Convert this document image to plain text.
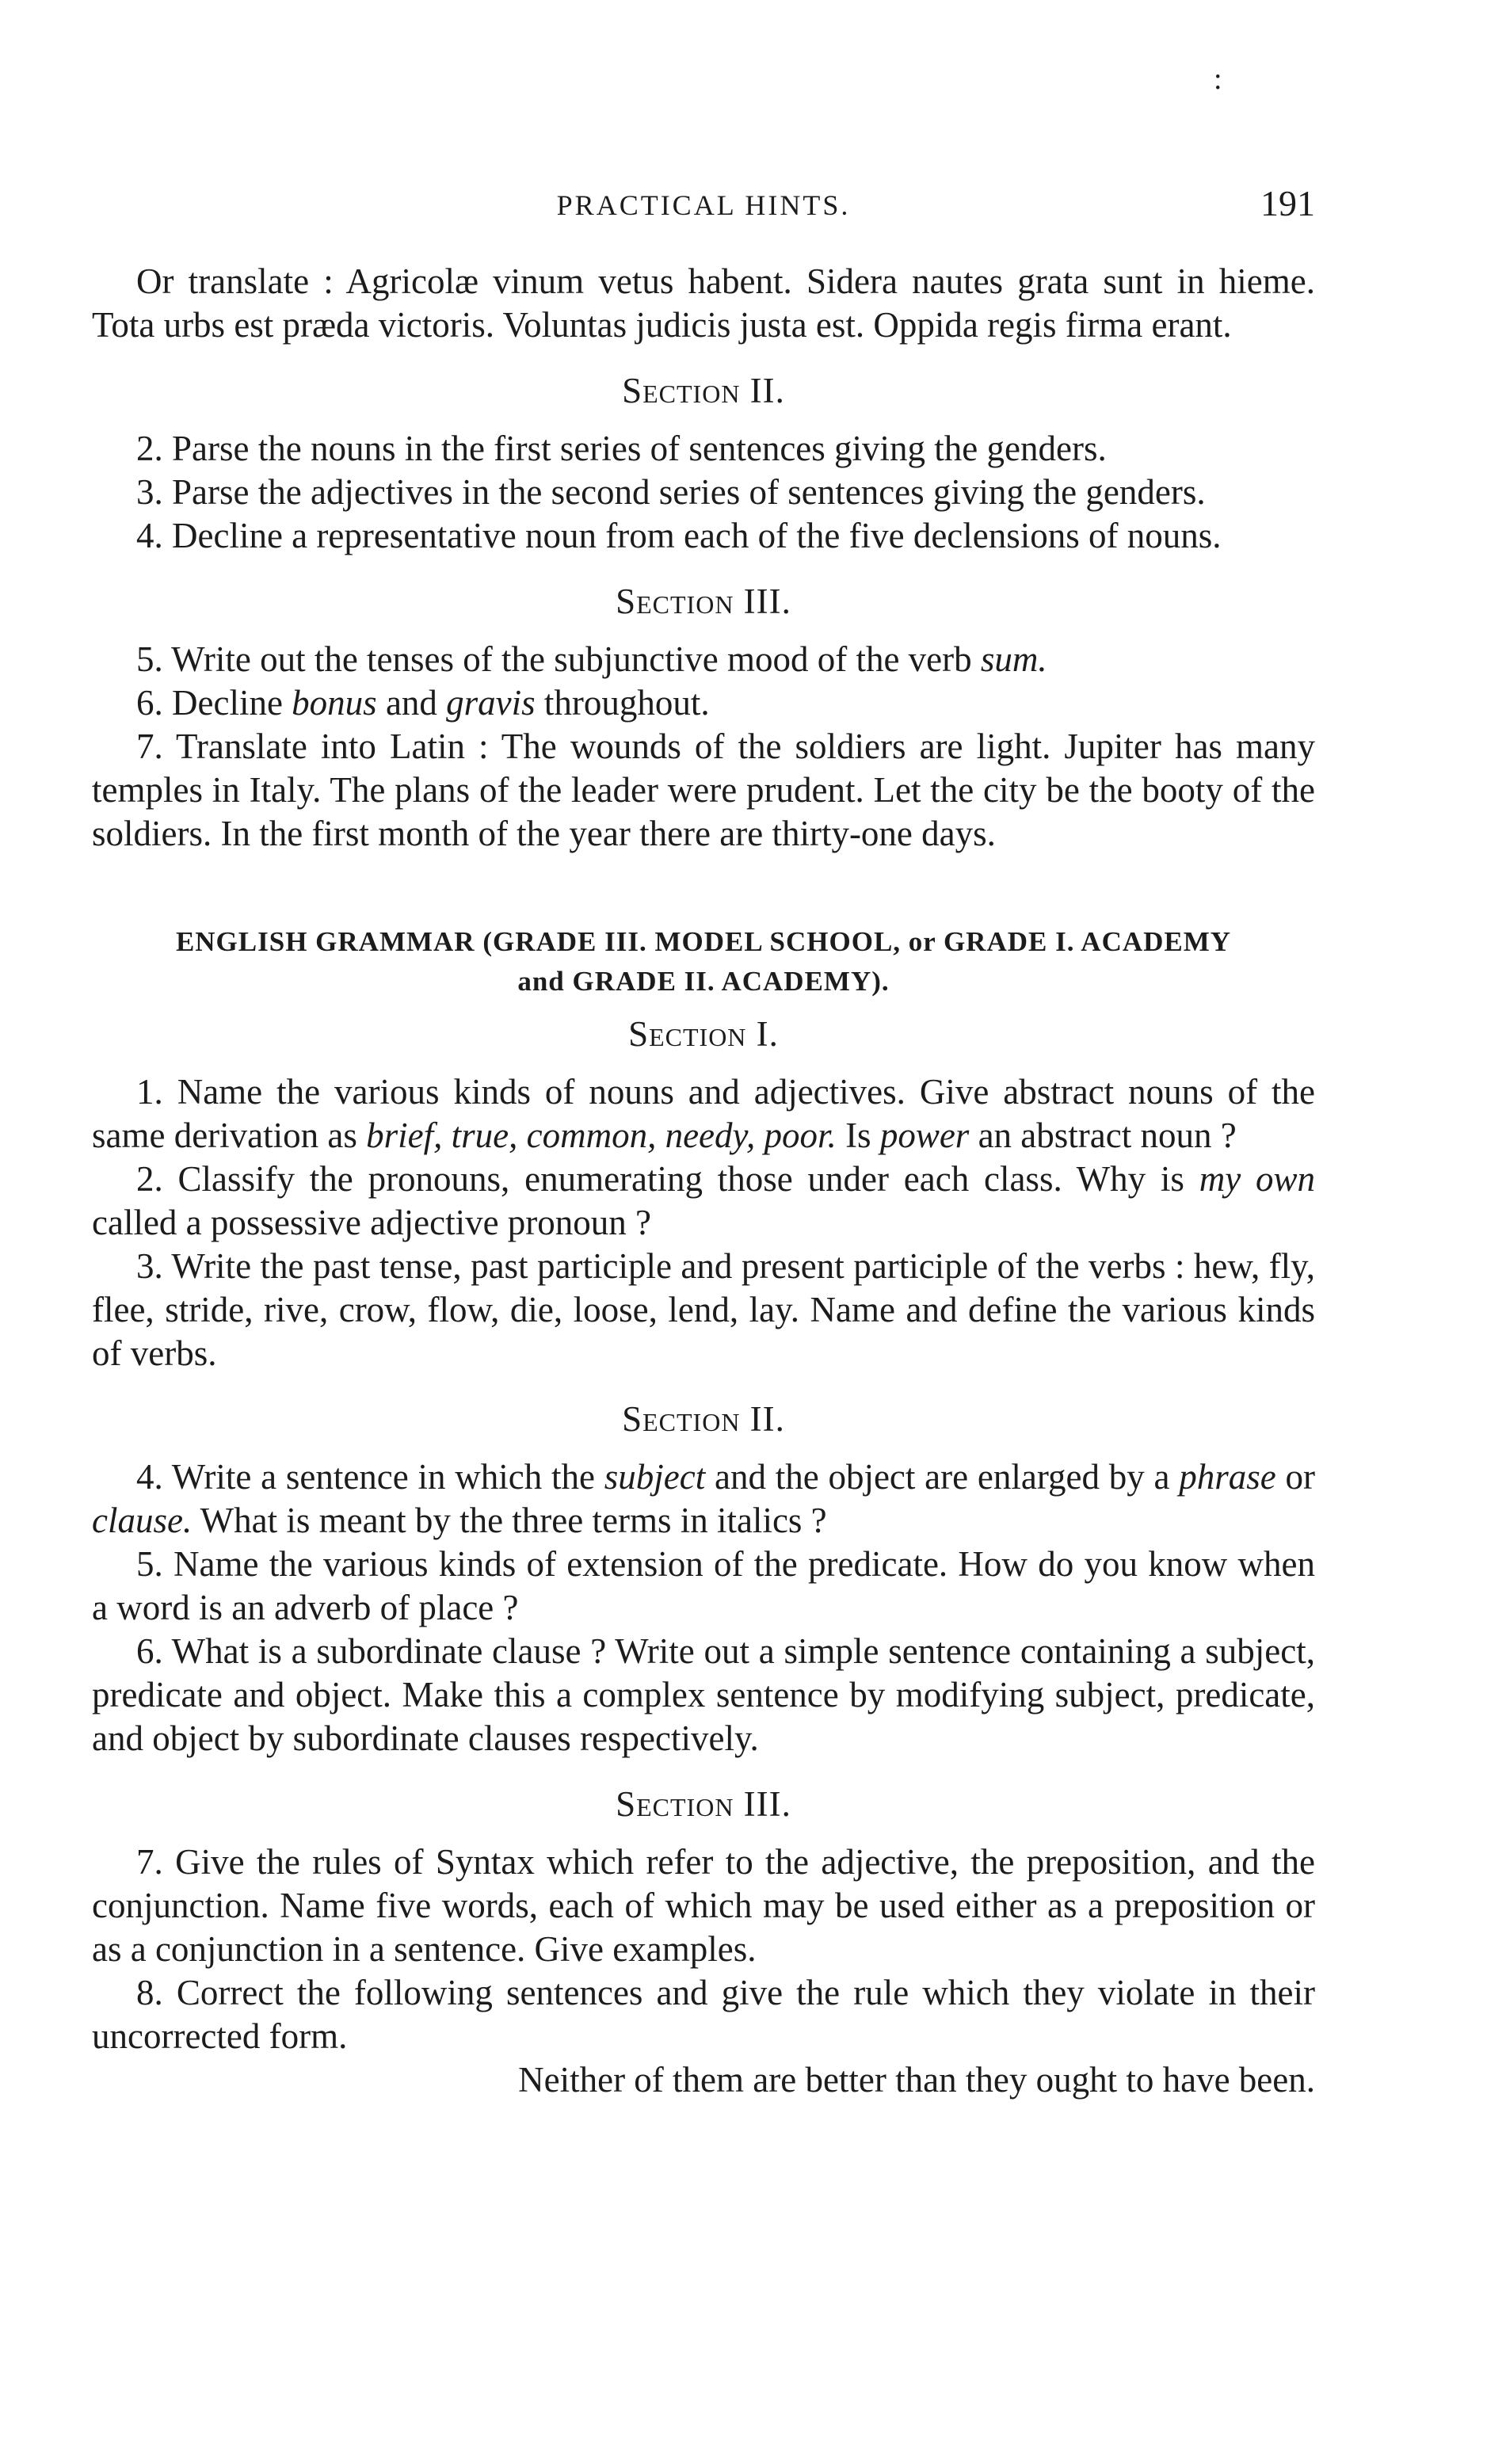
:
PRACTICAL HINTS.	191

Or translate : Agricolæ vinum vetus habent. Sidera nautes grata sunt in hieme. Tota urbs est præda victoris. Voluntas judicis justa est. Oppida regis firma erant.

Section II.

2. Parse the nouns in the first series of sentences giving the genders.

3. Parse the adjectives in the second series of sentences giving the genders.

4. Decline a representative noun from each of the five declensions of nouns.

Section III.

5. Write out the tenses of the subjunctive mood of the verb sum.

6. Decline bonus and gravis throughout.

7. Translate into Latin : The wounds of the soldiers are light. Jupiter has many temples in Italy. The plans of the leader were prudent. Let the city be the booty of the soldiers. In the first month of the year there are thirty-one days.

ENGLISH GRAMMAR (GRADE III. MODEL SCHOOL, or GRADE I. ACADEMY
and GRADE II. ACADEMY).
Section I.

1. Name the various kinds of nouns and adjectives. Give abstract nouns of the same derivation as brief, true, common, needy, poor. Is power an abstract noun ?

2. Classify the pronouns, enumerating those under each class. Why is my own called a possessive adjective pronoun ?

3. Write the past tense, past participle and present participle of the verbs : hew, fly, flee, stride, rive, crow, flow, die, loose, lend, lay. Name and define the various kinds of verbs.

Section II.

4. Write a sentence in which the subject and the object are enlarged by a phrase or clause. What is meant by the three terms in italics ?

5. Name the various kinds of extension of the predicate. How do you know when a word is an adverb of place ?

6. What is a subordinate clause ? Write out a simple sentence containing a subject, predicate and object. Make this a complex sentence by modifying subject, predicate, and object by subordinate clauses respectively.

Section III.

7. Give the rules of Syntax which refer to the adjective, the preposition, and the conjunction. Name five words, each of which may be used either as a preposition or as a conjunction in a sentence. Give examples.

8. Correct the following sentences and give the rule which they violate in their uncorrected form.

Neither of them are better than they ought to have been.
